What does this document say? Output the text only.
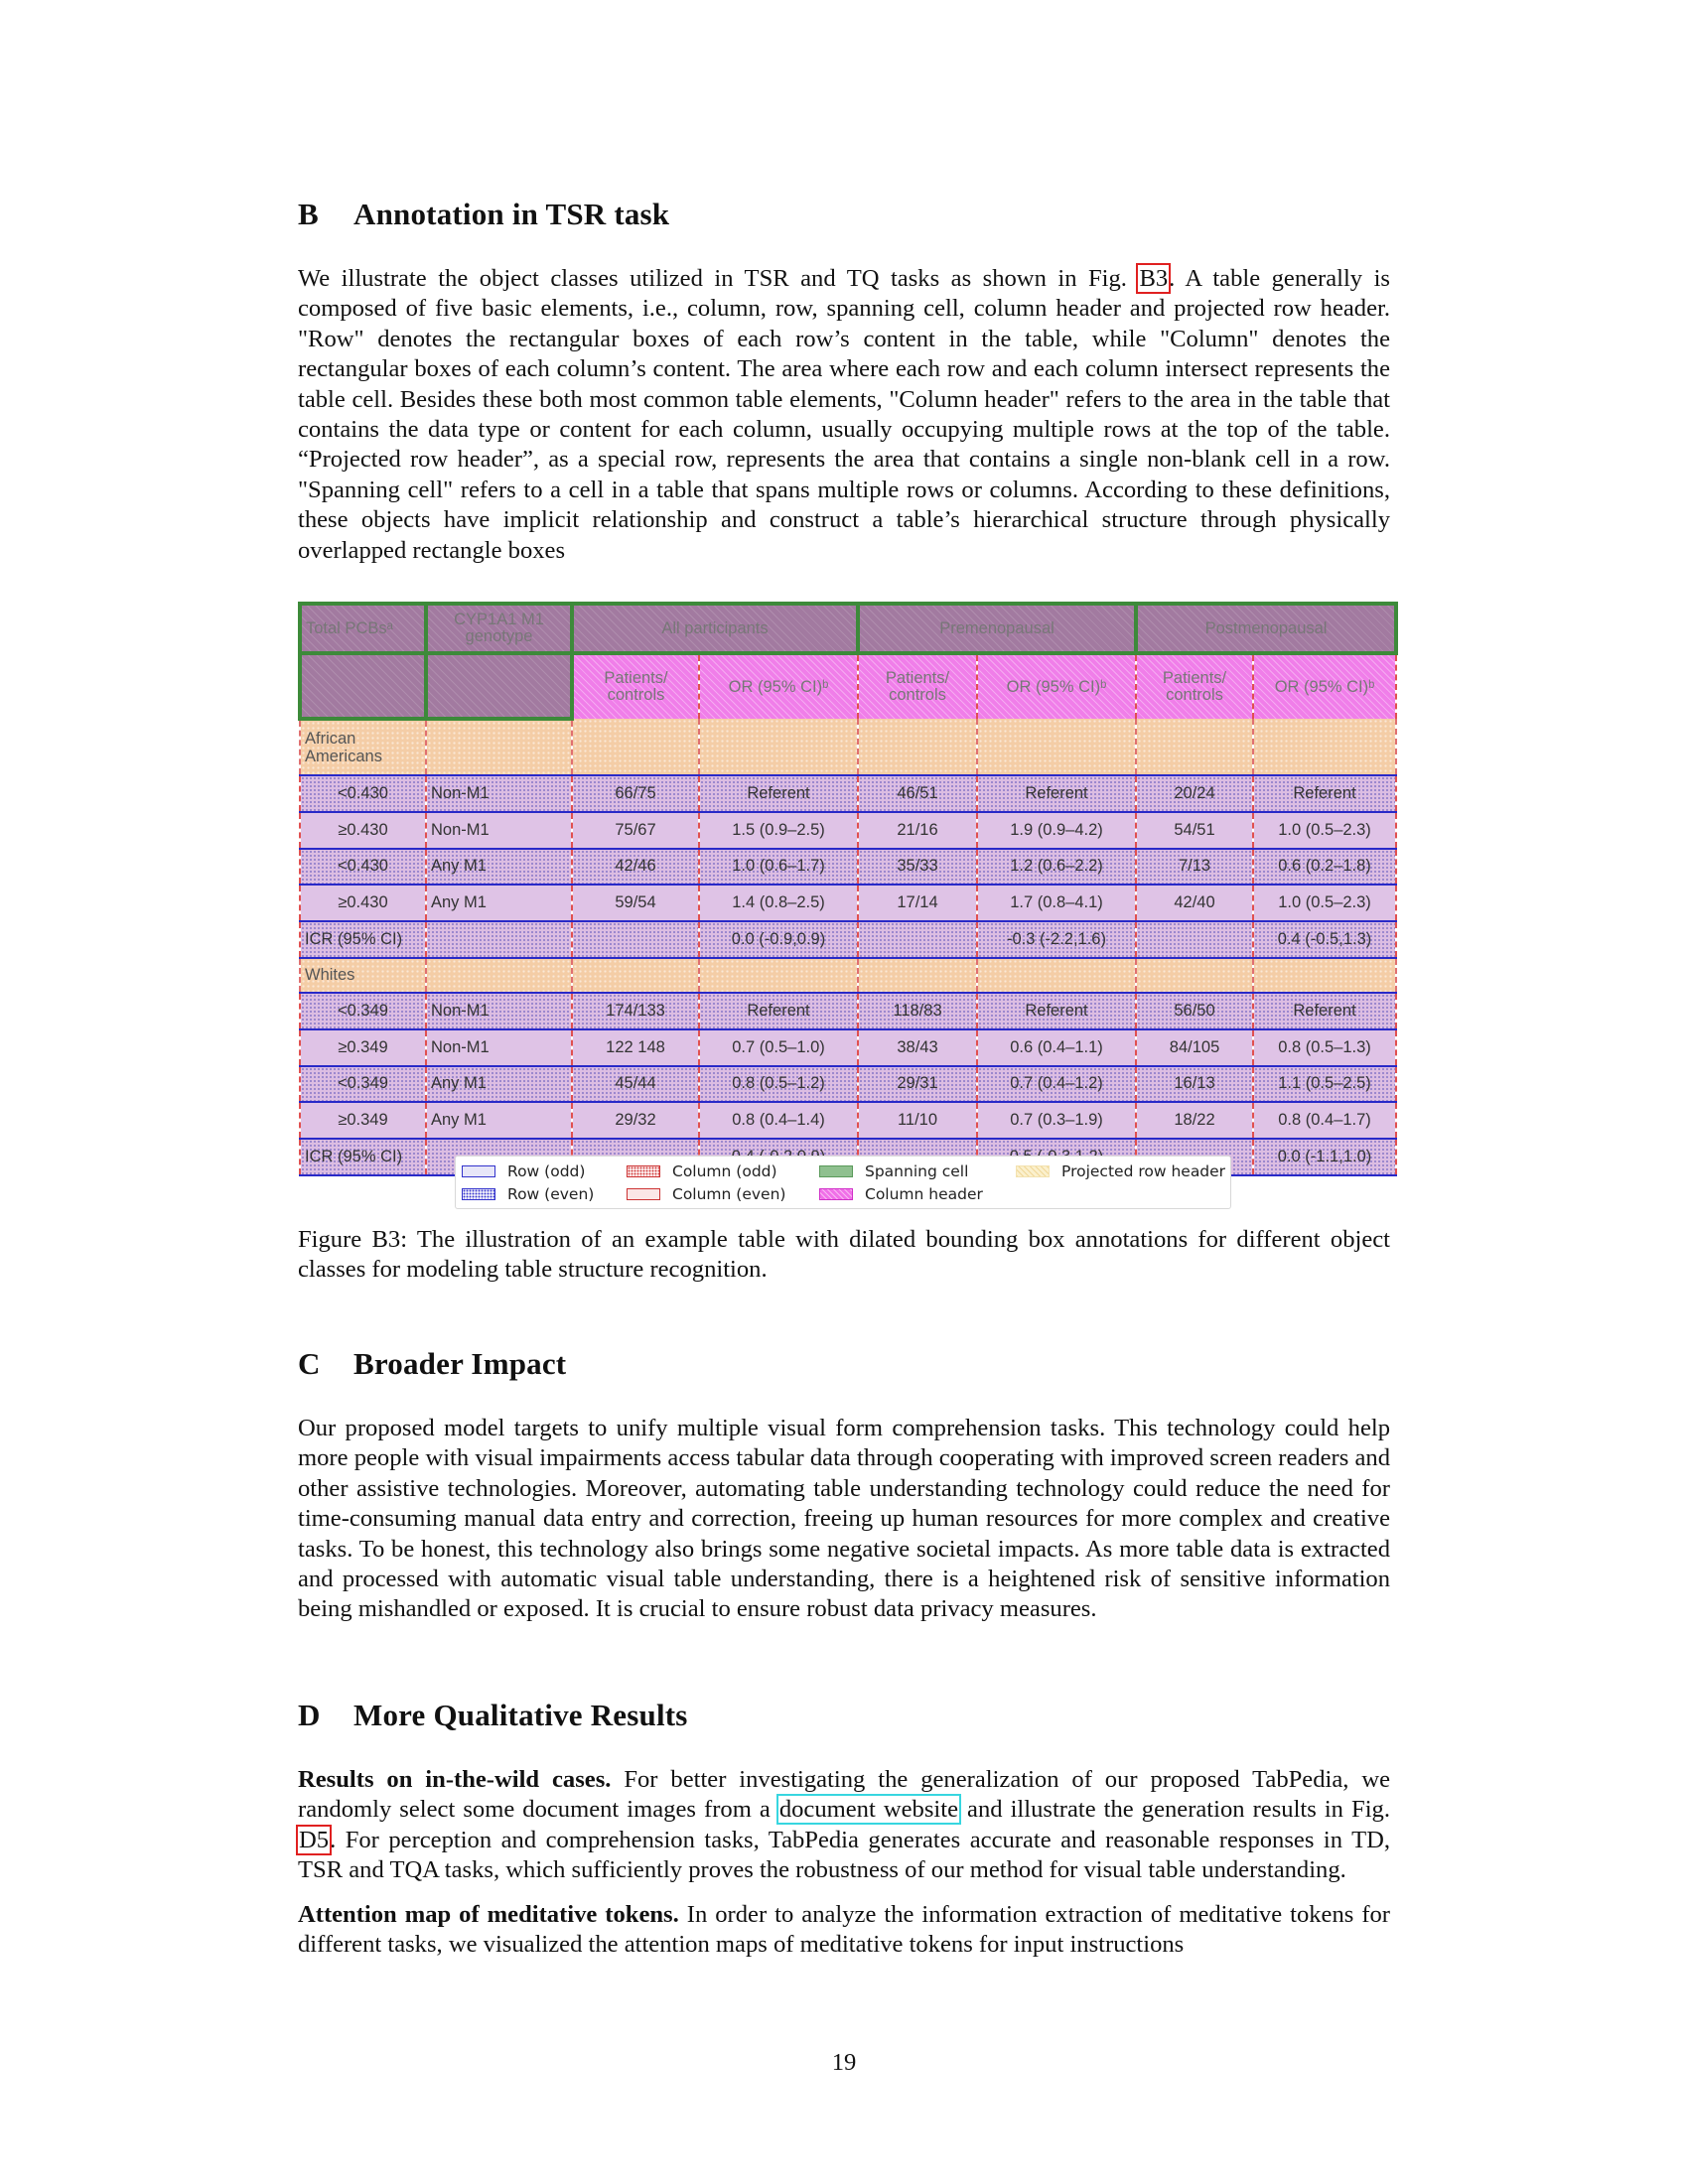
B Annotation in TSR task

We illustrate the object classes utilized in TSR and TQ tasks as shown in Fig. B3. A table generally is composed of five basic elements, i.e., column, row, spanning cell, column header and projected row header. "Row" denotes the rectangular boxes of each row’s content in the table, while "Column" denotes the rectangular boxes of each column’s content. The area where each row and each column intersect represents the table cell. Besides these both most common table elements, "Column header" refers to the area in the table that contains the data type or content for each column, usually occupying multiple rows at the top of the table. “Projected row header”, as a special row, represents the area that contains a single non-blank cell in a row. "Spanning cell" refers to a cell in a table that spans multiple rows or columns. According to these definitions, these objects have implicit relationship and construct a table’s hierarchical structure through physically overlapped rectangle boxes

Total PCBsᵃ	CYP1A1 M1 genotype	All participants		Premenopausal		Postmenopausal	
		Patients/ controls	OR (95% CI)ᵇ	Patients/ controls	OR (95% CI)ᵇ	Patients/ controls	OR (95% CI)ᵇ
African Americans							
<0.430	Non-M1	66/75	Referent	46/51	Referent	20/24	Referent
≥0.430	Non-M1	75/67	1.5 (0.9–2.5)	21/16	1.9 (0.9–4.2)	54/51	1.0 (0.5–2.3)
<0.430	Any M1	42/46	1.0 (0.6–1.7)	35/33	1.2 (0.6–2.2)	7/13	0.6 (0.2–1.8)
≥0.430	Any M1	59/54	1.4 (0.8–2.5)	17/14	1.7 (0.8–4.1)	42/40	1.0 (0.5–2.3)
ICR (95% CI)			0.0 (-0.9,0.9)		-0.3 (-2.2,1.6)		0.4 (-0.5,1.3)
Whites							
<0.349	Non-M1	174/133	Referent	118/83	Referent	56/50	Referent
≥0.349	Non-M1	122 148	0.7 (0.5–1.0)	38/43	0.6 (0.4–1.1)	84/105	0.8 (0.5–1.3)
<0.349	Any M1	45/44	0.8 (0.5–1.2)	29/31	0.7 (0.4–1.2)	16/13	1.1 (0.5–2.5)
≥0.349	Any M1	29/32	0.8 (0.4–1.4)	11/10	0.7 (0.3–1.9)	18/22	0.8 (0.4–1.7)
ICR (95% CI)							0.0 (-1.1,1.0)
Row (odd)
Row (even)
Column (odd)
Column (even)
Spanning cell
Column header
Projected row header

Figure B3: The illustration of an example table with dilated bounding box annotations for different object classes for modeling table structure recognition.

C Broader Impact

Our proposed model targets to unify multiple visual form comprehension tasks. This technology could help more people with visual impairments access tabular data through cooperating with improved screen readers and other assistive technologies. Moreover, automating table understanding technology could reduce the need for time-consuming manual data entry and correction, freeing up human resources for more complex and creative tasks. To be honest, this technology also brings some negative societal impacts. As more table data is extracted and processed with automatic visual table understanding, there is a heightened risk of sensitive information being mishandled or exposed. It is crucial to ensure robust data privacy measures.

D More Qualitative Results

Results on in-the-wild cases. For better investigating the generalization of our proposed TabPedia, we randomly select some document images from a document website and illustrate the generation results in Fig. D5. For perception and comprehension tasks, TabPedia generates accurate and reasonable responses in TD, TSR and TQA tasks, which sufficiently proves the robustness of our method for visual table understanding.

Attention map of meditative tokens. In order to analyze the information extraction of meditative tokens for different tasks, we visualized the attention maps of meditative tokens for input instructions

19
